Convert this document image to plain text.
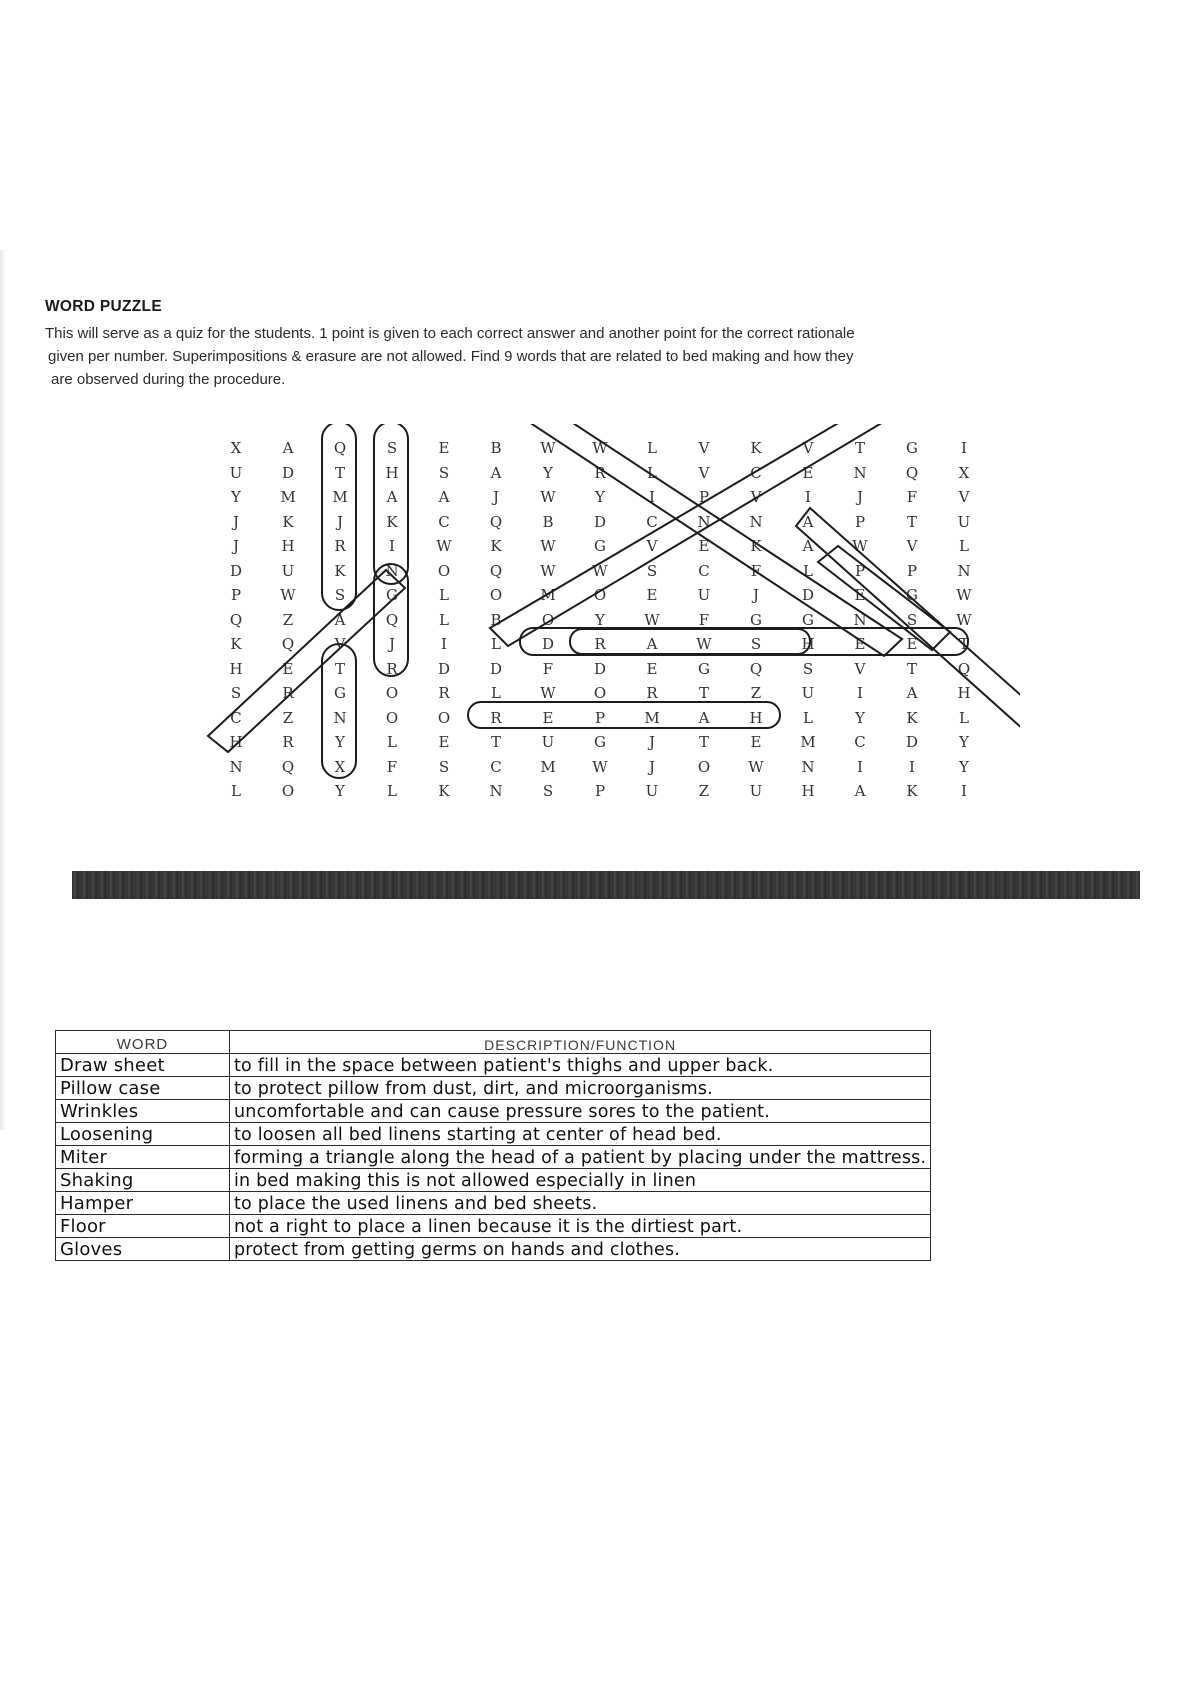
WORD PUZZLE
This will serve as a quiz for the students. 1 point is given to each correct answer and another point for the correct rationale
given per number. Superimpositions & erasure are not allowed. Find 9 words that are related to bed making and how they
are observed during the procedure.
X	A	Q	S	E	B	W	W	L	V	K	V	T	G	I
U	D	T	H	S	A	Y	R	L	V	C	E	N	Q	X
Y	M	M	A	A	J	W	Y	I	P	V	I	J	F	V
J	K	J	K	C	Q	B	D	C	N	N	A	P	T	U
J	H	R	I	W	K	W	G	V	E	K	A	W	V	L
D	U	K	N	O	Q	W	W	S	C	F	L	P	P	N
P	W	S	G	L	O	M	O	E	U	J	D	E	G	W
Q	Z	A	Q	L	B	O	Y	W	F	G	G	N	S	W
K	Q	V	J	I	L	D	R	A	W	S	H	E	E	T
H	E	T	R	D	D	F	D	E	G	Q	S	V	T	Q
S	R	G	O	R	L	W	O	R	T	Z	U	I	A	H
C	Z	N	O	O	R	E	P	M	A	H	L	Y	K	L
H	R	Y	L	E	T	U	G	J	T	E	M	C	D	Y
N	Q	X	F	S	C	M	W	J	O	W	N	I	I	Y
L	O	Y	L	K	N	S	P	U	Z	U	H	A	K	I
WORD	DESCRIPTION/FUNCTION
Draw sheet	to fill in the space between patient's thighs and upper back.
Pillow case	to protect pillow from dust, dirt, and microorganisms.
Wrinkles	uncomfortable and can cause pressure sores to the patient.
Loosening	to loosen all bed linens starting at center of head bed.
Miter	forming a triangle along the head of a patient by placing under the mattress.
Shaking	in bed making this is not allowed especially in linen
Hamper	to place the used linens and bed sheets.
Floor	not a right to place a linen because it is the dirtiest part.
Gloves	protect from getting germs on hands and clothes.
